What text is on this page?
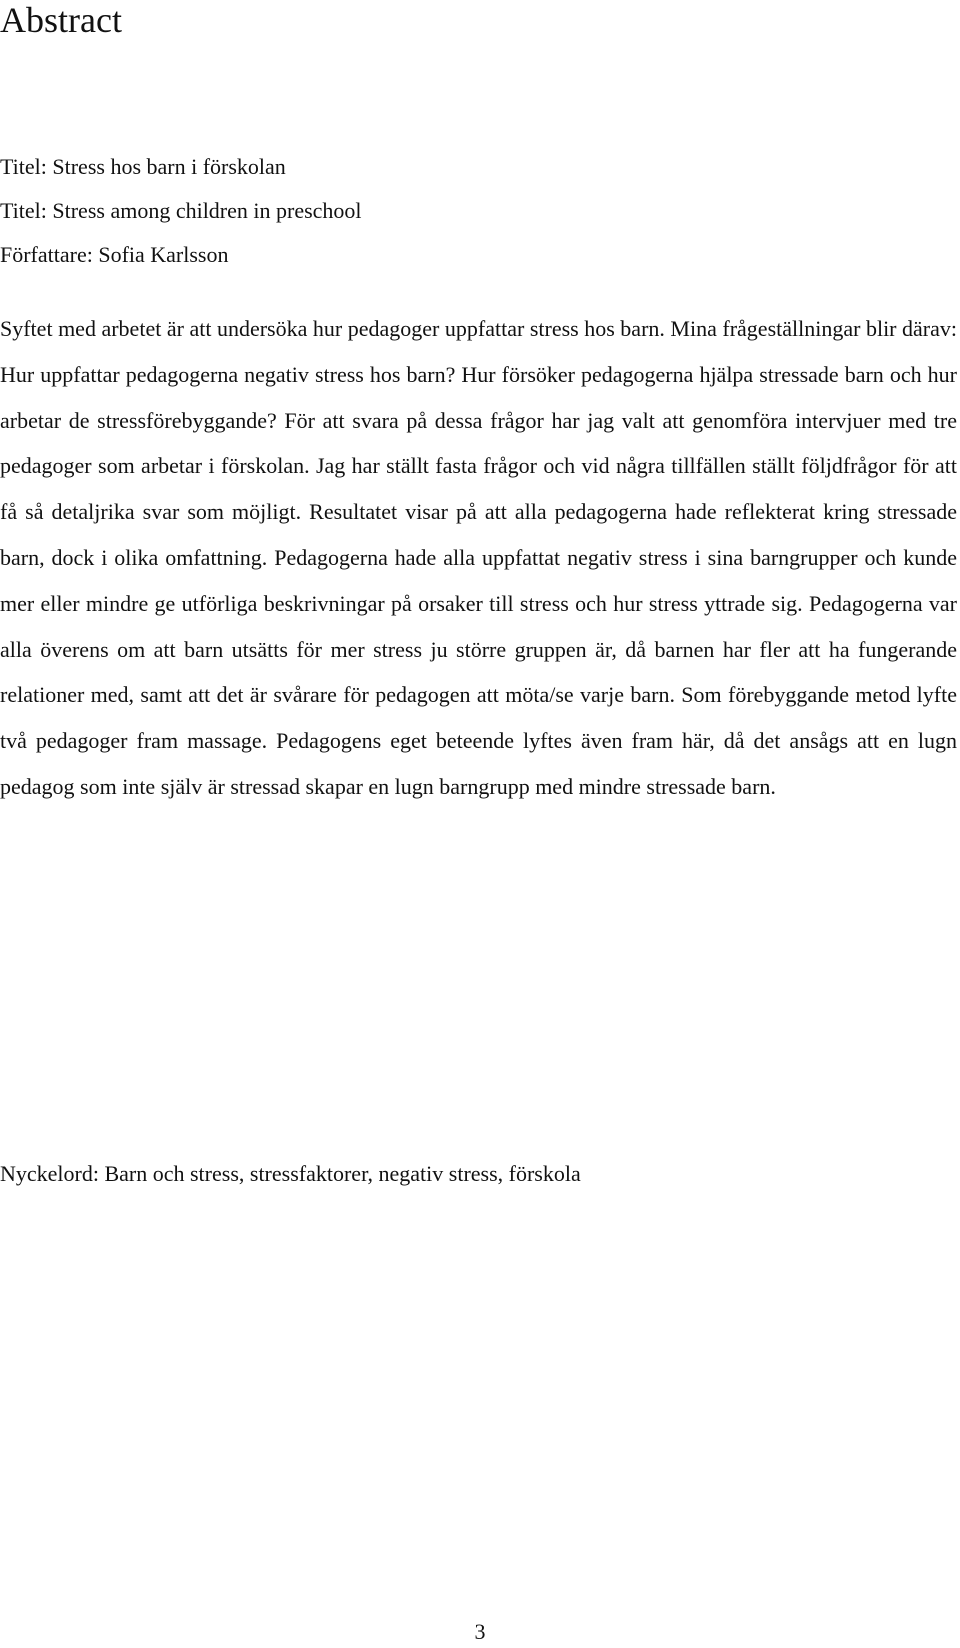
Abstract
Titel: Stress hos barn i förskolan
Titel: Stress among children in preschool
Författare: Sofia Karlsson

Syftet med arbetet är att undersöka hur pedagoger uppfattar stress hos barn. Mina frågeställningar blir därav: Hur uppfattar pedagogerna negativ stress hos barn? Hur försöker pedagogerna hjälpa stressade barn och hur arbetar de stressförebyggande? För att svara på dessa frågor har jag valt att genomföra intervjuer med tre pedagoger som arbetar i förskolan. Jag har ställt fasta frågor och vid några tillfällen ställt följdfrågor för att få så detaljrika svar som möjligt. Resultatet visar på att alla pedagogerna hade reflekterat kring stressade barn, dock i olika omfattning. Pedagogerna hade alla uppfattat negativ stress i sina barngrupper och kunde mer eller mindre ge utförliga beskrivningar på orsaker till stress och hur stress yttrade sig. Pedagogerna var alla överens om att barn utsätts för mer stress ju större gruppen är, då barnen har fler att ha fungerande relationer med, samt att det är svårare för pedagogen att möta/se varje barn. Som förebyggande metod lyfte två pedagoger fram massage. Pedagogens eget beteende lyftes även fram här, då det ansågs att en lugn pedagog som inte själv är stressad skapar en lugn barngrupp med mindre stressade barn.

Nyckelord: Barn och stress, stressfaktorer, negativ stress, förskola
3
